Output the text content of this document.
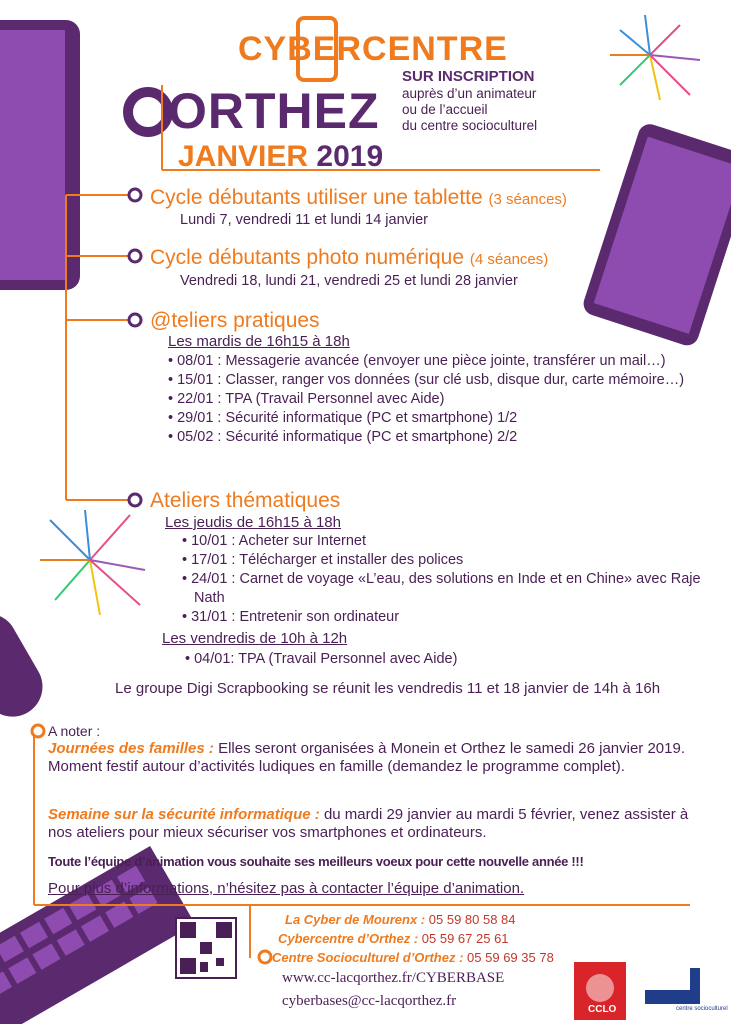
CYBERCENTRE
ORTHEZ
JANVIER 2019
SUR INSCRIPTION
auprès d’un animateur
ou de l’accueil
du centre socioculturel
Cycle débutants utiliser une tablette (3 séances)
Lundi 7, vendredi 11 et lundi 14 janvier
Cycle débutants photo numérique (4 séances)
Vendredi 18, lundi 21, vendredi 25 et lundi 28 janvier
@teliers pratiques
Les mardis de 16h15 à 18h
• 08/01 : Messagerie avancée (envoyer une pièce jointe, transférer un mail…)
• 15/01 : Classer, ranger vos données (sur clé usb, disque dur, carte mémoire…)
• 22/01 : TPA (Travail Personnel avec Aide)
• 29/01 : Sécurité informatique (PC et smartphone) 1/2
• 05/02 : Sécurité informatique (PC et smartphone) 2/2
Ateliers thématiques
Les jeudis de 16h15 à 18h
• 10/01 : Acheter sur Internet
• 17/01 : Télécharger et installer des polices
• 24/01 : Carnet de voyage «L’eau, des solutions en Inde et en Chine» avec Raje Nath
• 31/01 : Entretenir son ordinateur
Les vendredis de 10h à 12h
• 04/01: TPA (Travail Personnel avec Aide)
Le groupe Digi Scrapbooking se réunit les vendredis 11 et 18 janvier de 14h à 16h
A noter :
Journées des familles : Elles seront organisées à Monein et Orthez le samedi 26 janvier 2019. Moment festif autour d’activités ludiques en famille (demandez le programme complet).
Semaine sur la sécurité informatique : du mardi 29 janvier au mardi 5 février, venez assister à nos ateliers pour mieux sécuriser vos smartphones et ordinateurs.
Toute l’équipe d’animation vous souhaite ses meilleurs voeux pour cette nouvelle année !!!
Pour plus d’informations, n’hésitez pas à contacter l’équipe d’animation.
La Cyber de Mourenx : 05 59 80 58 84
Cybercentre d’Orthez : 05 59 67 25 61
Centre Socioculturel d’Orthez : 05 59 69 35 78
www.cc-lacqorthez.fr/CYBERBASE
cyberbases@cc-lacqorthez.fr
CCLO	centre socioculturel
